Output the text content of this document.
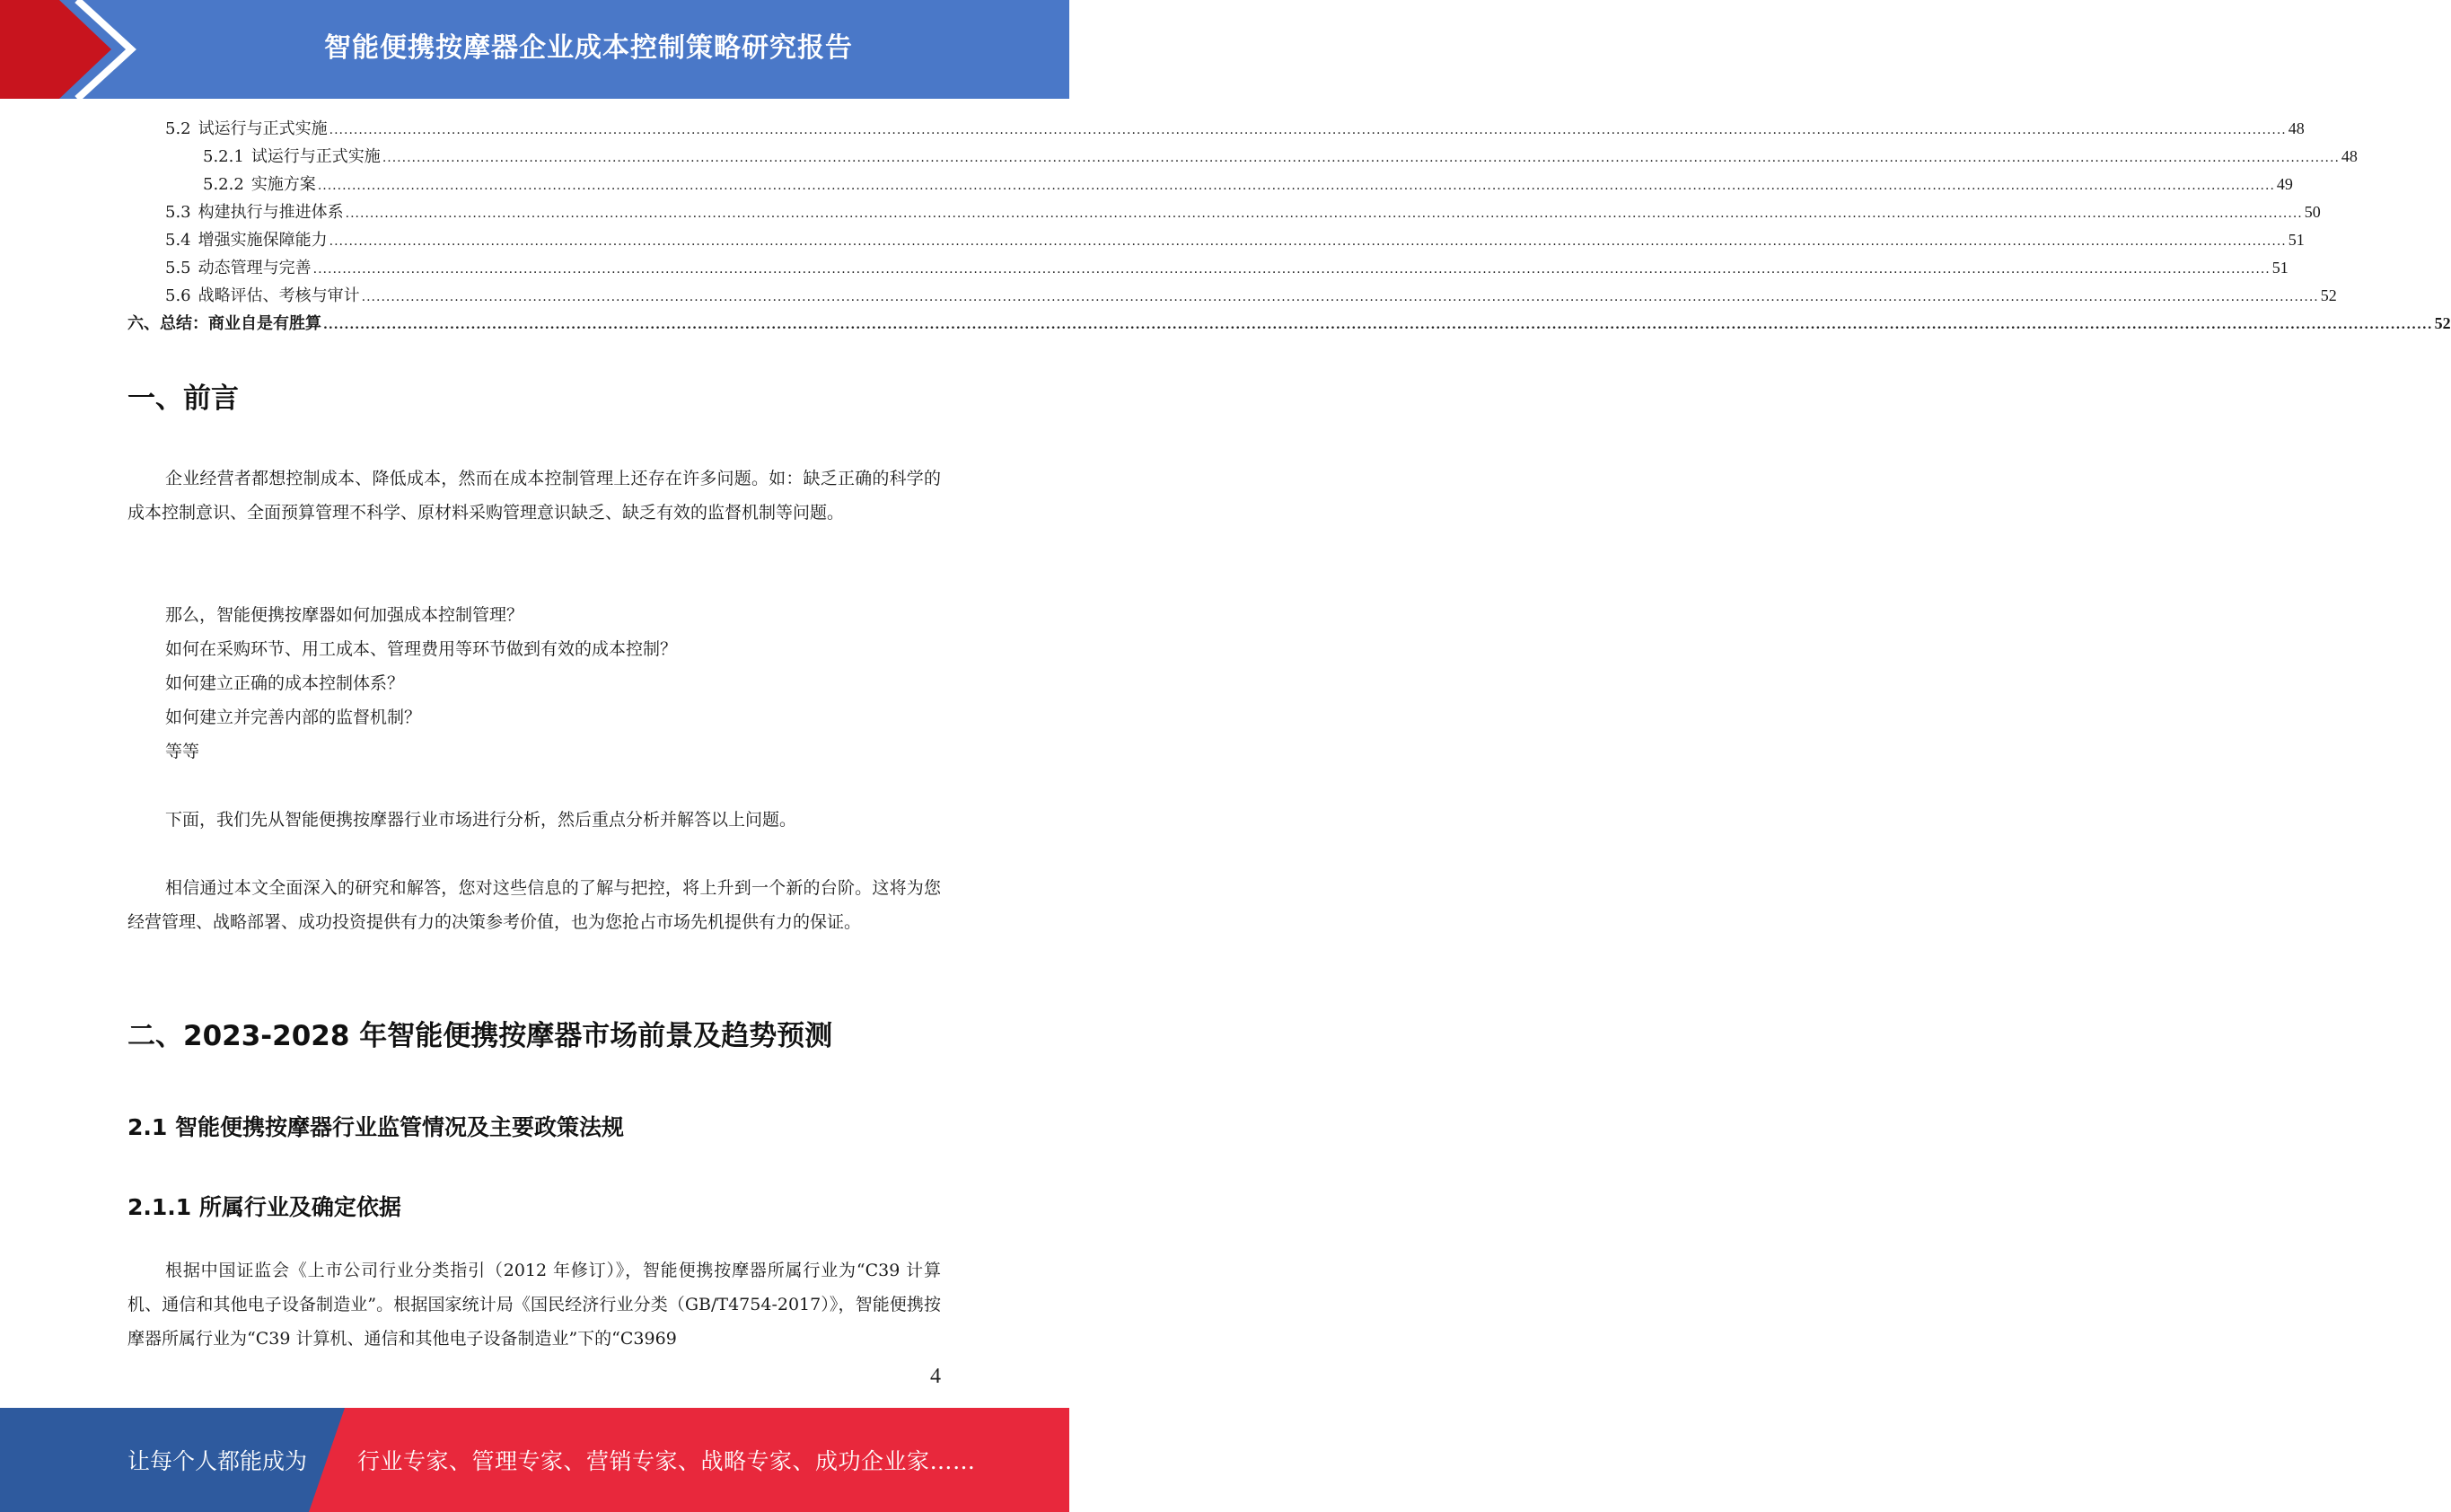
智能便携按摩器企业成本控制策略研究报告
5.2 试运行与正式实施 ................................................................................................................................................................................................................................................................................................................................................................................................................ 48
5.2.1 试运行与正式实施 ................................................................................................................................................................................................................................................................................................................................................................................................................ 48
5.2.2 实施方案 ................................................................................................................................................................................................................................................................................................................................................................................................................ 49
5.3 构建执行与推进体系 ................................................................................................................................................................................................................................................................................................................................................................................................................ 50
5.4 增强实施保障能力 ................................................................................................................................................................................................................................................................................................................................................................................................................ 51
5.5 动态管理与完善 ................................................................................................................................................................................................................................................................................................................................................................................................................ 51
5.6 战略评估、考核与审计 ................................................................................................................................................................................................................................................................................................................................................................................................................ 52
六、 总结：商业自是有胜算 ................................................................................................................................................................................................................................................................................................................................................................................................................ 52
一、前言
企业经营者都想控制成本、降低成本，然而在成本控制管理上还存在许多问题。如：缺乏正确的科学的成本控制意识、全面预算管理不科学、原材料采购管理意识缺乏、缺乏有效的监督机制等问题。
那么，智能便携按摩器如何加强成本控制管理？
如何在采购环节、用工成本、管理费用等环节做到有效的成本控制？
如何建立正确的成本控制体系？
如何建立并完善内部的监督机制？
等等
下面，我们先从智能便携按摩器行业市场进行分析，然后重点分析并解答以上问题。
相信通过本文全面深入的研究和解答，您对这些信息的了解与把控，将上升到一个新的台阶。这将为您经营管理、战略部署、成功投资提供有力的决策参考价值，也为您抢占市场先机提供有力的保证。
二、2023-2028 年智能便携按摩器市场前景及趋势预测
2.1 智能便携按摩器行业监管情况及主要政策法规
2.1.1 所属行业及确定依据
根据中国证监会《上市公司行业分类指引（2012 年修订）》，智能便携按摩器所属行业为“C39 计算机、通信和其他电子设备制造业”。根据国家统计局《国民经济行业分类（GB/T4754-2017）》，智能便携按摩器所属行业为“C39 计算机、通信和其他电子设备制造业”下的“C3969
4
让每个人都能成为 行业专家、管理专家、营销专家、战略专家、成功企业家……
